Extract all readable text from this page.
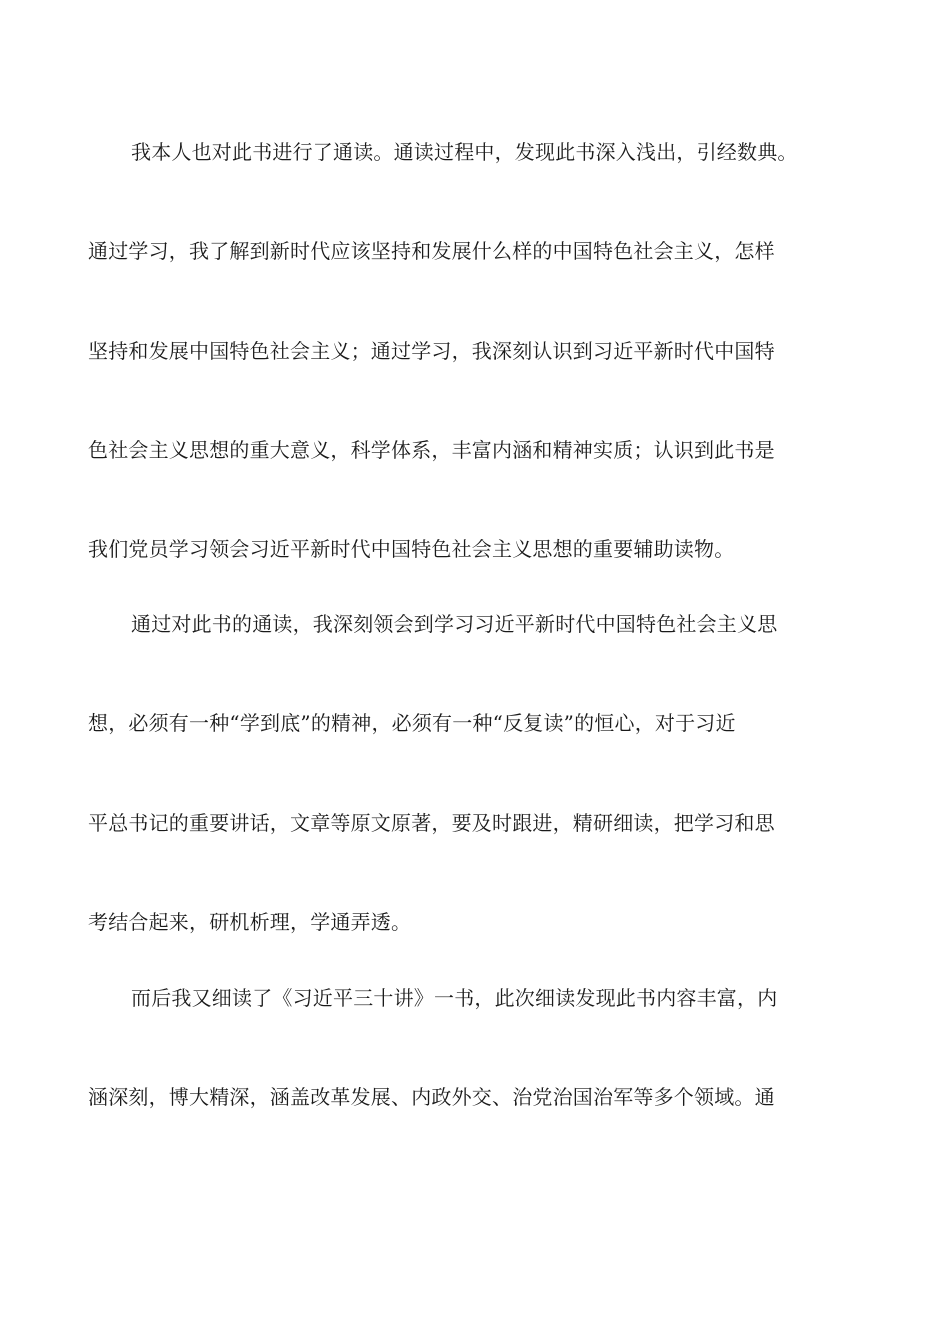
我本人也对此书进行了通读。通读过程中，发现此书深入浅出，引经数典。
通过学习，我了解到新时代应该坚持和发展什么样的中国特色社会主义，怎样
坚持和发展中国特色社会主义；通过学习，我深刻认识到习近平新时代中国特
色社会主义思想的重大意义，科学体系，丰富内涵和精神实质；认识到此书是
我们党员学习领会习近平新时代中国特色社会主义思想的重要辅助读物。
通过对此书的通读，我深刻领会到学习习近平新时代中国特色社会主义思
想，必须有一种“学到底”的精神，必须有一种“反复读”的恒心，对于习近
平总书记的重要讲话，文章等原文原著，要及时跟进，精研细读，把学习和思
考结合起来，研机析理，学通弄透。
而后我又细读了《习近平三十讲》一书，此次细读发现此书内容丰富，内
涵深刻，博大精深，涵盖改革发展、内政外交、治党治国治军等多个领域。通
